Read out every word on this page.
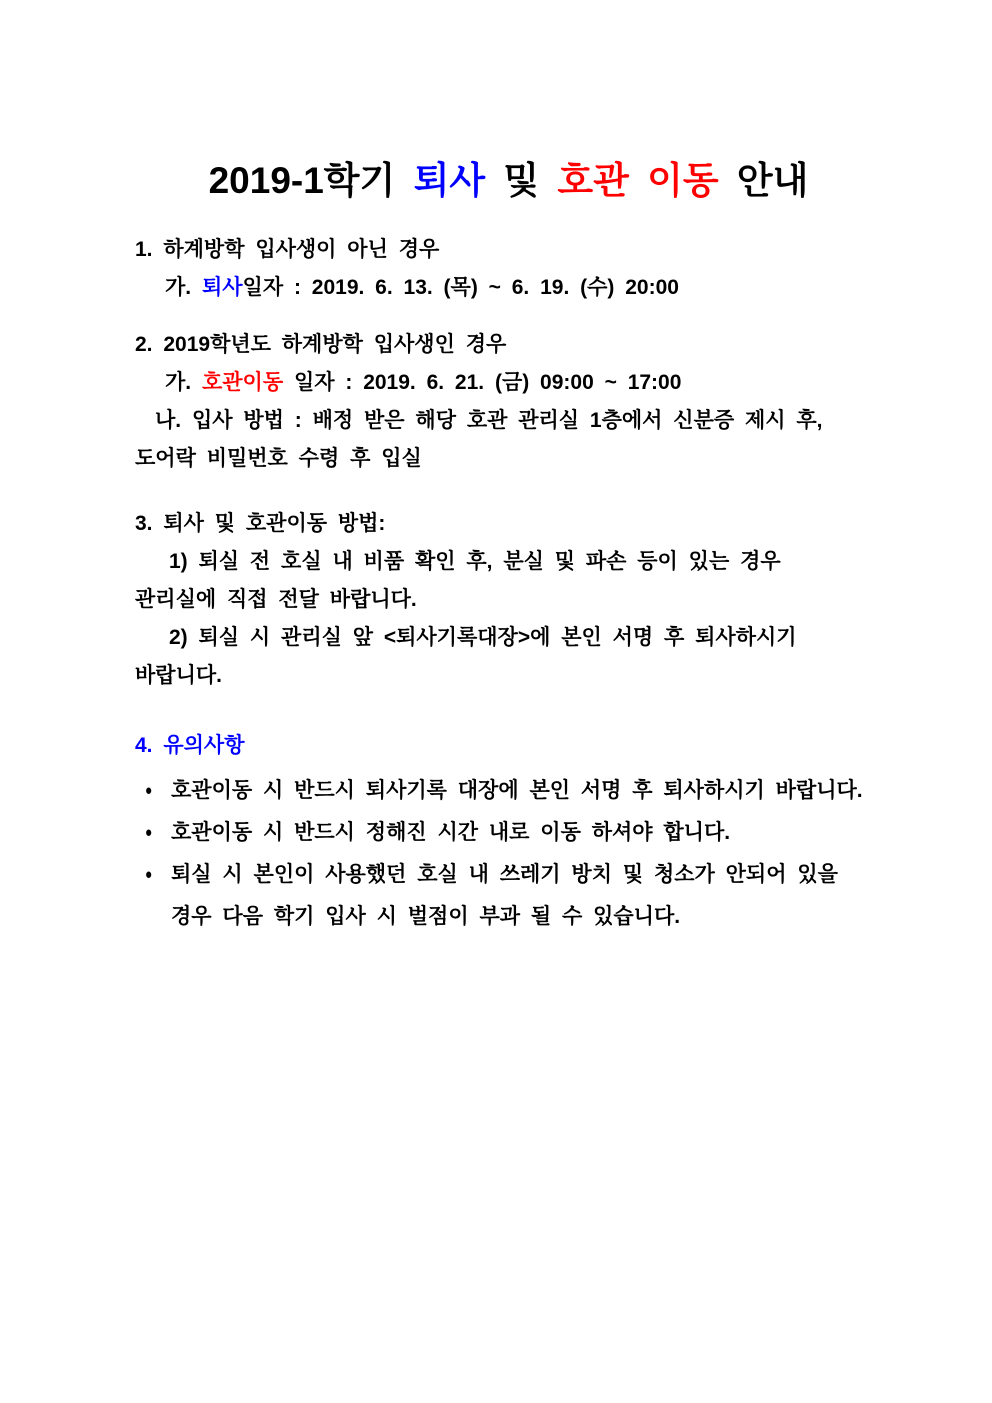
2019-1학기 퇴사 및 호관 이동 안내

1. 하계방학 입사생이 아닌 경우

가. 퇴사일자 : 2019. 6. 13. (목) ~ 6. 19. (수) 20:00

2. 2019학년도 하계방학 입사생인 경우

가. 호관이동 일자 : 2019. 6. 21. (금) 09:00 ~ 17:00

나. 입사 방법 : 배정 받은 해당 호관 관리실 1층에서 신분증 제시 후,

도어락 비밀번호 수령 후 입실

3. 퇴사 및 호관이동 방법:

1) 퇴실 전 호실 내 비품 확인 후, 분실 및 파손 등이 있는 경우

관리실에 직접 전달 바랍니다.

2) 퇴실 시 관리실 앞 <퇴사기록대장>에 본인 서명 후 퇴사하시기

바랍니다.

4. 유의사항

● 호관이동 시 반드시 퇴사기록 대장에 본인 서명 후 퇴사하시기 바랍니다.
● 호관이동 시 반드시 정해진 시간 내로 이동 하셔야 합니다.
● 퇴실 시 본인이 사용했던 호실 내 쓰레기 방치 및 청소가 안되어 있을
경우 다음 학기 입사 시 벌점이 부과 될 수 있습니다.
